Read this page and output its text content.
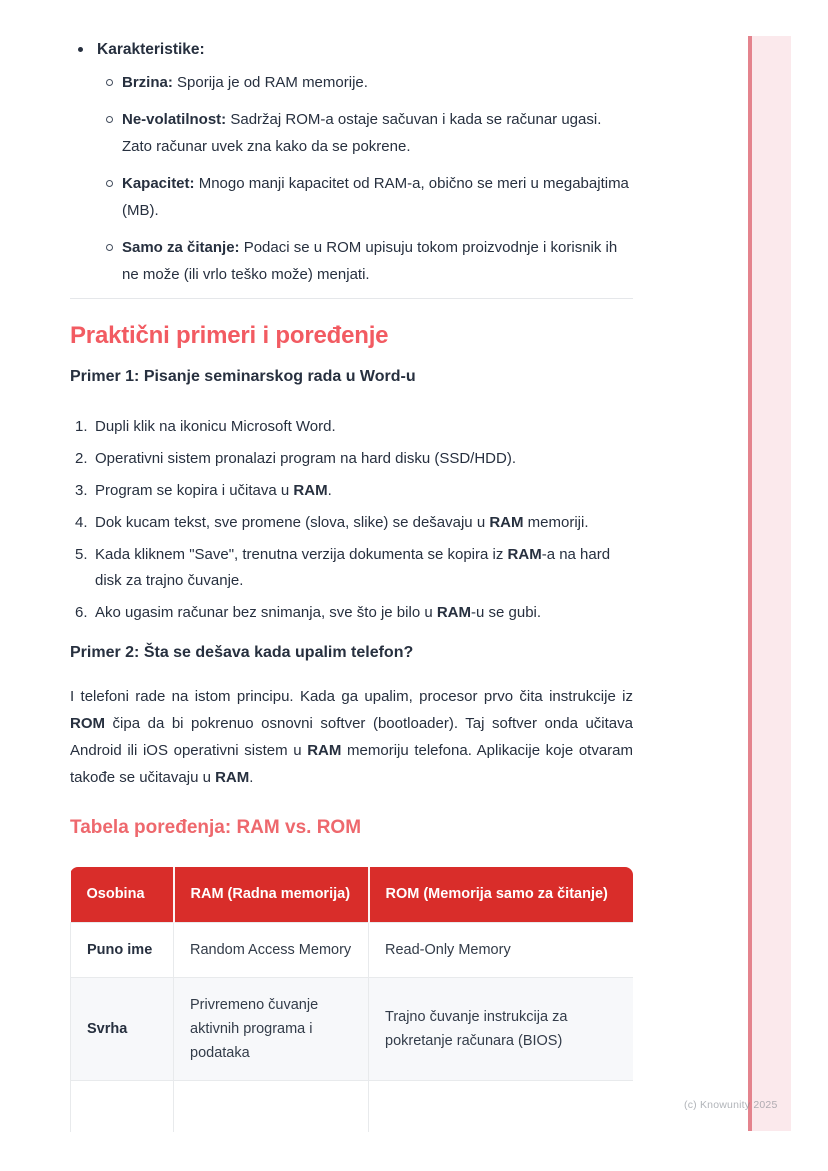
(c) Knowunity 2025
Karakteristike:
Brzina: Sporija je od RAM memorije.
Ne-volatilnost: Sadržaj ROM-a ostaje sačuvan i kada se računar ugasi. Zato računar uvek zna kako da se pokrene.
Kapacitet: Mnogo manji kapacitet od RAM-a, obično se meri u megabajtima (MB).
Samo za čitanje: Podaci se u ROM upisuju tokom proizvodnje i korisnik ih ne može (ili vrlo teško može) menjati.
Praktični primeri i poređenje
Primer 1: Pisanje seminarskog rada u Word-u
1. Dupli klik na ikonicu Microsoft Word.
2. Operativni sistem pronalazi program na hard disku (SSD/HDD).
3. Program se kopira i učitava u RAM.
4. Dok kucam tekst, sve promene (slova, slike) se dešavaju u RAM memoriji.
5. Kada kliknem "Save", trenutna verzija dokumenta se kopira iz RAM-a na hard disk za trajno čuvanje.
6. Ako ugasim računar bez snimanja, sve što je bilo u RAM-u se gubi.
Primer 2: Šta se dešava kada upalim telefon?

I telefoni rade na istom principu. Kada ga upalim, procesor prvo čita instrukcije iz ROM čipa da bi pokrenuo osnovni softver (bootloader). Taj softver onda učitava Android ili iOS operativni sistem u RAM memoriju telefona. Aplikacije koje otvaram takođe se učitavaju u RAM.

Tabela poređenja: RAM vs. ROM
Osobina	RAM (Radna memorija)	ROM (Memorija samo za čitanje)
Puno ime	Random Access Memory	Read-Only Memory
Svrha	Privremeno čuvanje aktivnih programa i podataka	Trajno čuvanje instrukcija za pokretanje računara (BIOS)
